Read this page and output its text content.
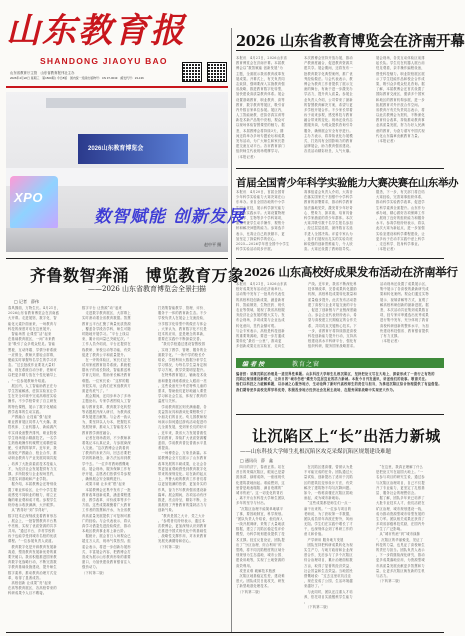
山东教育报
SHANDONG JIAOYU BAO
山东省教育厅主管　山东省教育报刊社主办
2026年4月22日 星期三　第1500期 | 今日8版　国内统一连续出版物号：CN 37-0019　邮发代号：23-136
2026 山东省教育博览会在济南开幕
本报讯　4月21日，2026山东省
教育博览会在济南开幕。本届教
博会以“数智赋能 创新发展”为
主题，全面展示我省教育改革发
展成果。开幕式上，有关负责同
志致辞，强调要深入实施教育强
省战略，推进教育数字化转型，
加快建设高质量教育体系。展会
设置基础教育、职业教育、高等
教育、数字教育等展区，吸引省
内外数百家单位参展。展区内，
人工智能助教、虚拟仿真实训等
新技术新产品集中亮相，观众可
以现场体验智慧课堂的魅力。据
悉，本届教博会将持续3天，期
间还将举办多场专题论坛和成果
发布活动，为广大师生和家长搭
建交流互动平台。各市教育部门
组织师生代表现场观摩学习。
（本报记者）
本次教博会坚持开放办展，推动
产教深度融合，促进教育资源共
建共享。展会期间，还将发布一
批教育数字化典型案例，推广优
秀经验做法。与会代表表示，教
博会为教育工作者提供了展示交
流的舞台，有助于进一步激发办
学活力，提升育人质量。参展企
业负责人介绍，公司带来了最新
的智慧教育解决方案，希望与更
多学校开展合作。不少家长带着
孩子前来参观，感受科技与教育
融合带来的变化。现场还设有志
愿服务岗，为观众提供咨询引导
服务，确保展会安全有序进行。
主办方表示，将持续优化办展模
式，打造具有全国影响力的教育
品牌展会，助力教育强省建设。
各类活动精彩纷呈，人气火爆。
展会现场，各类互动体验区前排
起长队。学生们在机器人展台前
驻足观看，亲手操作编程设备，
感受科技魅力。职业院校展区展
示了学生技能作品和校企合作成
果，吸引众多观众驻足咨询。据
了解，本届教博会还首次设置了
国际教育交流区，邀请多个国家
和地区的教育机构参展，进一步
拓展教育对外开放合作空间。
省教育厅有关负责同志表示，将
以此次教博会为契机，不断深化
教育综合改革，持续推动教育事
业高质量发展，努力办好人民满
意的教育，为奋力谱写中国式现
代化山东篇章贡献教育力量。
（本报记者）
首届全国青少年科学实验能力大赛决赛在山东举办
本报讯　4月20日，首届全国青
少年科学实验能力大赛决赛在山
东举办。来自全国各地的中小学
生同台竞技，展示科学探究能力
和创新实践水平。大赛设置物理
、化学、生物等多个学科赛项，
重点考查学生动手操作、观察分
析和解决问题的能力。参赛选手
表示，比赛让自己收获颇丰，更
加坚定了探索科学的信心。
2025—2026学年度全国中小学生
科学实验活动同步开展。
赛事组委会负责人介绍，大赛旨
在落实国家关于加强中小学科学
教育的部署要求，推动科学教育
加法落地见效，激发青少年好奇
心、想象力、探求欲，培育具备
科学家潜质的青少年群体。本次
大赛共吸引数千名学生报名参加
，经过层层选拔，最终数百名选
手进入全国决赛。评委专家认为
，选手们展现出扎实的实验功底
和较强的创新思维能力，令人欣
喜。大赛还设置了教师指导奖。
据悉，下一步，有关部门将总结
大赛经验，完善赛事组织体系，
推动科学实验教学改革，促进学
生科学素养全面提升。山东作为
承办地，精心做好各项保障工作
，展现了良好的组织能力和服务
水平。参赛学校纷纷表示，将以
此次大赛为新起点，进一步加强
实验室建设和科学课程建设，让
更多孩子在动手实践中爱上科学
、走近科学、投身科学事业。
（本报记者）
2026山东教育博览会
XPO
数智赋能 创新发展
赵中平 摄
齐鲁数智奔涌　博览教育万象
——2026 山东省教育博览会全景扫描
□ 记者　薛伟
春风拂面，万物生长。4月21日，
2026山东省教育博览会在济南盛
大开幕。走进展馆，数字化、智
能化元素扑面而来，一场教育与
科技的深度对话在这里展开。
　智能场景 让课堂“活”起来
在基础教育展区，一间“未来教
室”吸引了众多观众驻足。智能
黑板、互动终端、学情分析系统
一应俱全，教师只需轻点屏幕，
便能实时掌握每名学生的学习状
态。“过去批改作业要花大量时
间，现在系统自动分析，老师可
以把更多精力放在个性化辅导上
。”一位参展教师介绍道。
　展区内，人工智能助教正在为
学生答疑解惑，虚拟实验室让学
生在安全环境中完成高难度实验
操作。不少学校带来了自主研发
的特色课程，展示了数字化赋能
教学改革的生动实践。
　产教融合 让技能“强”起来
职业教育展区同样人气火爆。数
控机床、工业机器人、新能源汽
车实训设备整齐排列，职业院校
学生现场展示精湛技艺。一名学
生熟练地操作机械臂完成精密装
配，引来阵阵掌声。近年来，我
省深化产教融合、校企合作，推
动职业教育与产业发展同频共振
，培养了大批高素质技术技能人
才，为经济社会发展提供有力支
撑。多所院校与企业现场签约，
共建实训基地和产业学院。
　据介绍，本届教博会还特别设
置了职业体验区，让中小学生提
前感受不同职业的魅力，树立正
确的职业观和成才观。参观学生
纷纷表示收获满满、大开眼界。
　从“教得好”到“学得好”，
数字技术正深刻改变着教育形态
。展会上，一批智慧教育平台集
中亮相，实现了优质资源的共享
共用。“通过平台，乡村学校的
孩子也能享受到城市名校的优质
课程。”一位参展负责人说道。
　教育数字化是开辟教育发展新
赛道、塑造教育发展新优势的重
要突破口。我省积极推进国家教
育数字化战略行动，不断完善数
字教育基础设施建设，提升师生
数字素养，推动教育治理方式变
革，取得了显著成效。
　高校创新 让成果“亮”起来
在高等教育展区，各高校带来的
科研成果令人目不暇接。
数字平台 让资源“动”起来
　走进数字教育展区，大屏幕上
实时滚动着全省教育数据。智慧
教育云平台汇聚了海量优质资源
，覆盖各学段各学科，师生可随
时随地开展学习。“平台上线以
来，累计访问量已突破亿次。”
工作人员介绍说，平台还提供在
线教研、家校互动等功能，有效
促进了教育公平和质量提升。
　在一旁的体验区，家长们正在
试用家庭教育指导系统。系统根
据孩子的成长阶段，智能推送科
学育儿知识，帮助家长解决教育
难题。一位家长说：“这样的服
务很实用，让我们在家庭教育方
面更有底气了。”
　展会期间，还同步举办了多场
主题论坛。专家学者围绕人工智
能与教育变革、教育数字化转型
等话题展开深入研讨，为教育改
革发展建言献策。与会者一致认
为，要坚持以人为本，把握技术
发展规律，推动人工智能技术与
教育教学深度融合。
　记者在现场看到，不少教师拿
着笔记本认真记录，与参展商深
入交流。“这次教博会让我看到
了教育的未来方向，回去后要把
学到的新理念、新方法运用到教
学中去。”一位乡村教师感慨地
说。展会现场，服务保障工作有
序开展，志愿者们热情引导参观
，确保展会安全顺利进行。
　成果丰硕 让未来“燃”起来
　本届教博会还集中发布了一批
教育改革创新成果，涵盖课程建
设、教学改革、评价改革等多个
方面。这些成果凝聚着广大教育
工作者的智慧和汗水，为全省教
育高质量发展提供了可复制可推
广的经验。与会代表表示，将认
真学习借鉴先进经验做法，推动
本地区教育事业再上新台阶。
　据统计，展会首日入场观众已
超过万人次，现场气氛热烈。组
委会表示，将进一步创新办展形
式，丰富展会内容，把教博会打
造成为展示山东教育形象的重要
窗口，为加快建设教育强省注入
强劲动力。
（下转第二版）
打造集智能教学、管理、评价、
服务于一体的教育新生态。不少
学校负责人在展会上交流经验，
分享数字化转型中的做法与体会
。大家认为，教育数字化不仅是
技术的应用，更是理念的革新，
需要在实践中不断探索完善。
　“我们学校通过建设智慧校园
，实现了教学、管理、服务的全
面数字化。”一所中学的校长介
绍说，学校利用大数据分析学生
学习情况，为每名学生量身定制
学习方案，教学效果明显提升。
　在特殊教育展区，辅助技术设
备和康复训练系统让人眼前一亮
。这些设备充分考虑特殊儿童的
需求，帮助他们更好地融入课堂
学习和社会生活，体现了教育的
温度与关怀。
　学前教育展区则充满童趣，各
类益智玩具和游戏化课程吸引了
小朋友们的目光。幼儿园教师现
场演示如何通过游戏活动促进幼
儿全面发展，受到家长们的好评
。近年来，我省大力发展普惠性
学前教育，持续扩大优质资源覆
盖面，学前教育普及普惠水平显
著提高。
　一场博览会，万象呈新篇。本
届教博会全方位展示了山东教育
改革发展的丰硕成果，让社会各
界更加直观地感受到教育数字化
带来的深刻变化。站在新的起点
上，齐鲁大地的教育工作者们将
以更加饱满的热情、更加务实的
作风，奋力书写教育强省建设新
篇章。展会期间，各项活动有序
推进，亮点纷呈，精彩不断，全
面展现了齐鲁教育的蓬勃活力与
创新气象。
　“教育是国之大计、党之大计
。”参观者们纷纷表示，通过本
次教博会，更加深刻认识到教育
在推进中国式现代化中的基础性
、战略性支撑作用，对未来教育
发展充满期待和信心。
（下转第二版）
2026 山东高校好成果发布活动在济南举行
本报讯　4月21日，2026山东高
校好成果发布活动在济南举行。
活动集中发布了一批具有代表性
的高校科技创新成果，涵盖新材
料、智能制造、生物医药、现代
农业等领域，展现了我省高校服
务经济社会发展的强大实力。发
布会现场，多项成果与企业达成
转化意向，签约金额可观。
与会专家表示，高校是科技创新
的重要策源地，要进一步打通成
果转化“最后一公里”，推动更
多创新成果走出实验室、走向生
产线。近年来，我省不断深化科
技体制改革，完善成果转化激励
机制，高校科技成果转化数量和
质量稳步提升。此次发布活动搭
建了高校与企业对接交流的平台
，促进了创新链与产业链深度融
合。参会企业代表纷纷表示，希
望与高校建立长期稳定的合作关
系，共同攻克关键核心技术。下
一步，省教育厅将持续推进高校
科技创新能力提升行动，支持高
校建设高水平科研平台，强化有
组织科研，服务国家战略需求。
活动现场还设置了成果展示区，
集中展示了各高校的最新研究成
果和转化案例。观众们通过实物
展示、视频讲解等方式，直观了
解高校科研创新的最新进展。据
悉，本次活动共征集到成果数百
项，经专家评审遴选出优秀成果
进行集中发布，充分体现了我省
高校科研创新的整体水平，为加
快建设科技强省、教育强省提供
了有力支撑。
（本报记者）
编 者 按	教育之窗
编者按：采煤沉陷区治理是一道世界性难题。山东科技大学师生扎根沉陷区，坚持把论文写在大地上，探索形成了一套行之有效的
沉陷区规划建设新模式，让昔日的“城市伤疤”蝶变为宜居宜业的活力新城。本报今日刊发通讯，讲述他们的故事。敬请关注。
他们以科技之力破解难题，以赤诚之心服务地方，生动诠释了新时代高校师生的责任与担当，为推进沉陷区综合治理提供了有益借鉴。
我们期待更多高校发挥学科优势，积极投身地方经济社会发展主战场，在服务国家战略中实现更大作为。
让沉陷区上“长”出活力新城
——山东科技大学师生扎根沉陷区攻克采煤沉陷区规划建设难题
□ 通讯员　薛　鑫
　四月的济宁，春意正浓。站在
昔日的采煤沉陷区，眼前已是碧
波荡漾、绿树成荫，一座座现代
化建筑拔地而起。谁能想到，这
里曾是地表塌陷、满目疮痍的“
城市伤疤”。这一切变化的背后
，离不开山东科技大学师生团队
多年的坚守与付出。
　“沉陷区治理不能简单地填平
了事，要因地制宜，科学规划。
”团队负责人介绍说，他们深入
一线开展调研，采集了大量地质
数据，建立了沉陷区稳定性评价
模型，为科学规划建设提供了技
术支撑。经过反复论证，团队提
出了“分区治理、综合利用”的
思路，将不同沉陷程度的区域分
别规划为生态湿地、城市公园、
建设用地等，实现了土地资源的
高效利用。
　攻坚克难 破解技术瓶颈
　沉陷区地基稳定性差，建设难
度大。团队成员日夜攻关，研发
了新型地基处理技术。
　（下转第二版）
　在沉陷区建高楼，曾被认为是
不可能完成的任务。团队通过大
量试验，创新提出了适用于沉陷
区的建筑抗变形设计方法，有效
解决了建筑物不均匀沉降问题。
如今，一栋栋高楼在沉陷区拔地
而起，成为城市新地标。
　“这些成果都是师生们一点一
滴干出来的。”一位参与项目的
老师说，为了获取第一手数据，
团队成员常年奔波在野外，风雨
无阻。学生们在实践中增长了才
干，也深刻体会到了科研工作的
意义和价值。
　产学研用 服务地方发展
　团队坚持把科研成果转化为现
实生产力，与地方政府和企业深
度合作，先后参与了多个沉陷区
综合治理项目，累计治理面积数
万亩，取得了显著的经济效益、
社会效益和生态效益。当地居民
感慨地说：“过去这里坑坑洼洼
，现在变成了公园，生活环境越
来越好了。”
　与此同时，团队还注重人才培
养，依托项目实践锻炼学生能力
。
　（下转第二版）
　“在这里，我真正理解了什么
是把论文写在祖国大地上。”一
名参与项目的研究生说，通过参
与沉陷区治理项目，自己不仅提
升了专业能力，更坚定了扎根基
层、服务社会的理想信念。
　据了解，团队多年来已培养了
大批专业技术人才，他们活跃在
矿区治理、城市规划建设一线，
成为推动资源型城市转型发展的
生力军。团队相关成果还获得了
多项省部级科技奖励，在国内外
产生了广泛影响。
　从“城市伤疤”到“城市绿肺
”，沉陷区的华丽蜕变，见证了
科技的力量，也见证了高校师生
的责任与担当。团队负责人表示
，下一步将继续深化研究，推动
更多成果落地应用，为资源型城
市高质量发展贡献更多智慧和力
量，让更多沉陷区焕发新的生机
与活力。
　（下转第二版）
